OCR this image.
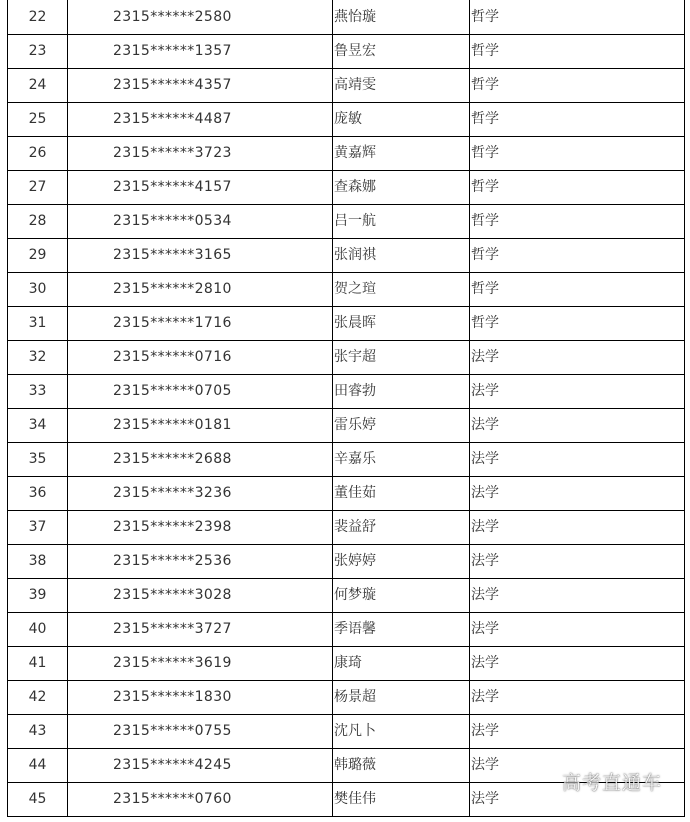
22	2315******2580	燕怡璇	哲学
23	2315******1357	鲁昱宏	哲学
24	2315******4357	高靖雯	哲学
25	2315******4487	庞敏	哲学
26	2315******3723	黄嘉辉	哲学
27	2315******4157	查森娜	哲学
28	2315******0534	吕一航	哲学
29	2315******3165	张润祺	哲学
30	2315******2810	贺之瑄	哲学
31	2315******1716	张晨晖	哲学
32	2315******0716	张宇超	法学
33	2315******0705	田睿勃	法学
34	2315******0181	雷乐婷	法学
35	2315******2688	辛嘉乐	法学
36	2315******3236	董佳茹	法学
37	2315******2398	裴益舒	法学
38	2315******2536	张婷婷	法学
39	2315******3028	何梦璇	法学
40	2315******3727	季语馨	法学
41	2315******3619	康琦	法学
42	2315******1830	杨景超	法学
43	2315******0755	沈凡卜	法学
44	2315******4245	韩璐薇	法学
45	2315******0760	樊佳伟	法学
高考直通车
